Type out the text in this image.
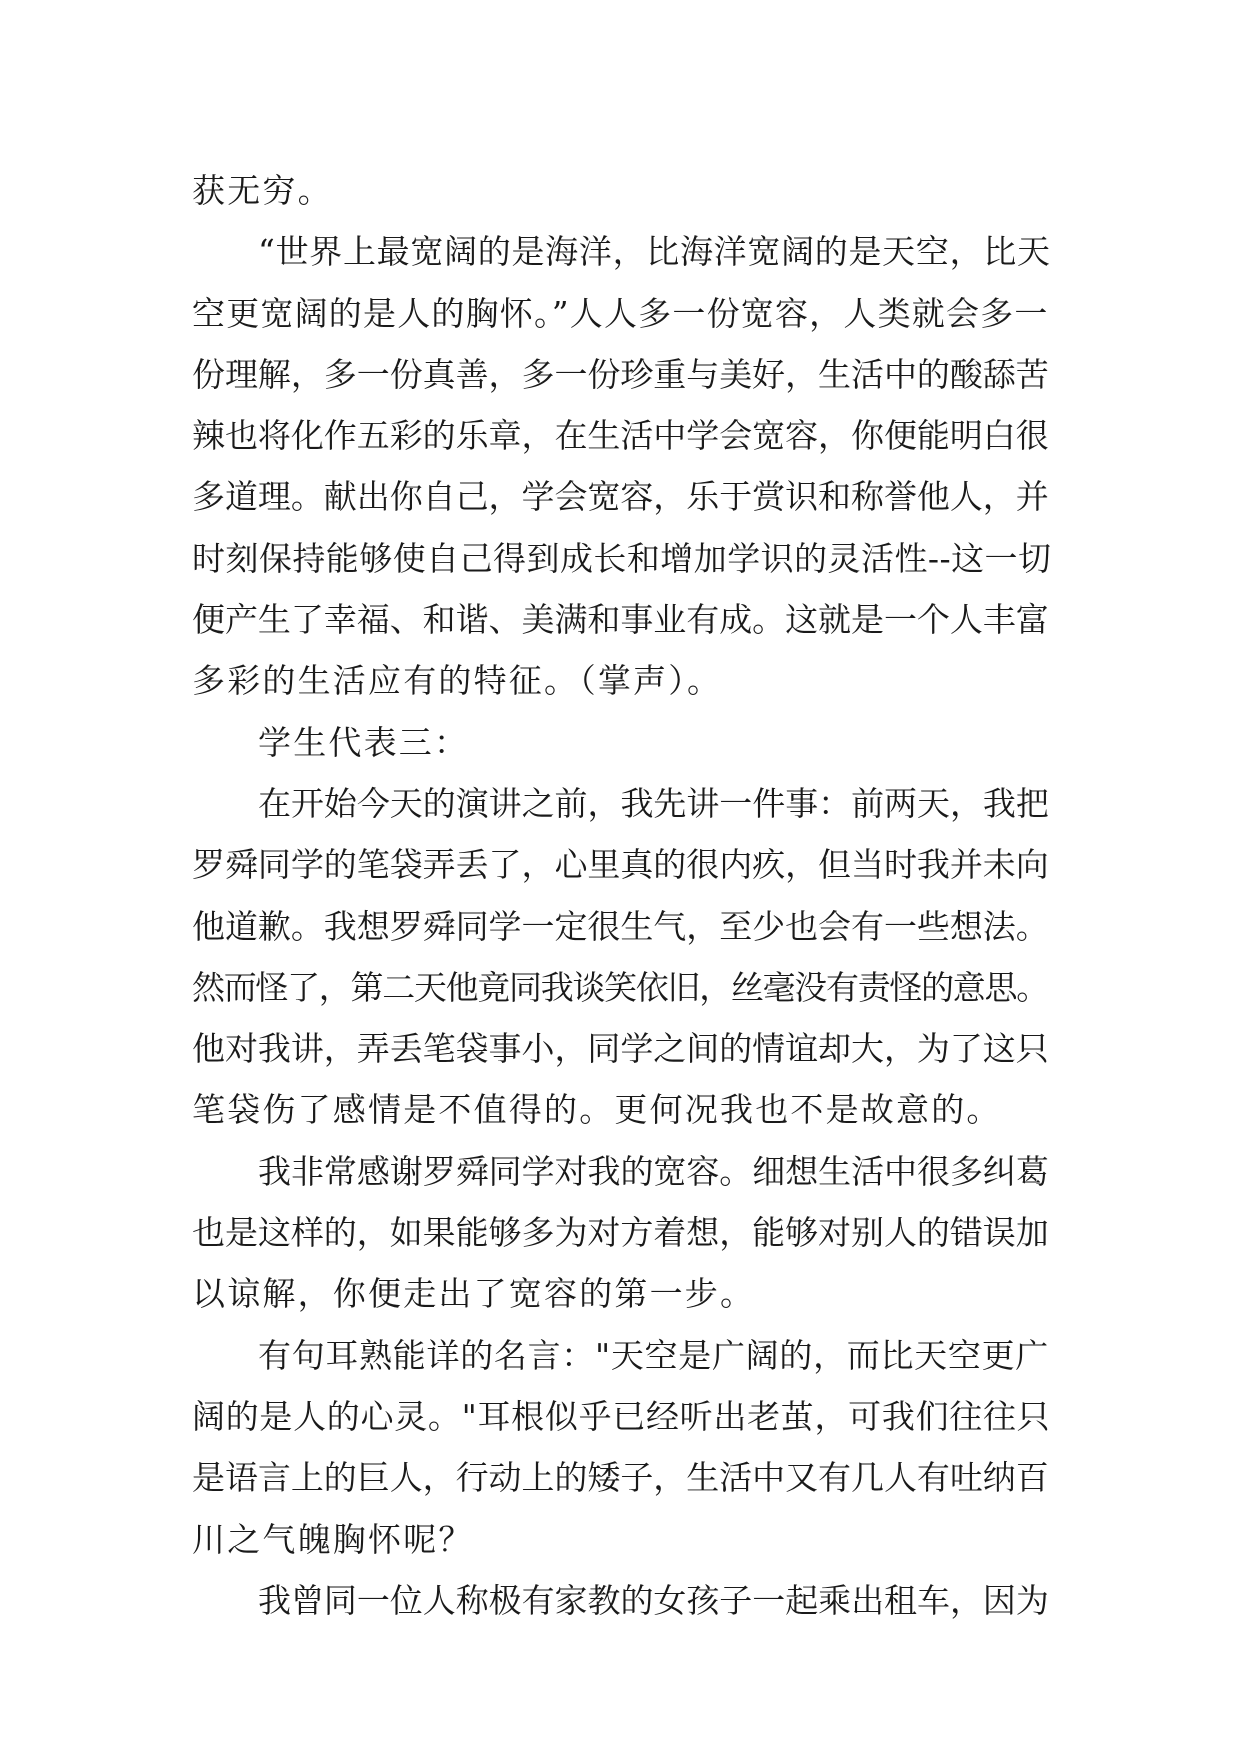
获无穷。
“世界上最宽阔的是海洋，比海洋宽阔的是天空，比天
空更宽阔的是人的胸怀。”人人多一份宽容，人类就会多一
份理解，多一份真善，多一份珍重与美好，生活中的酸舔苦
辣也将化作五彩的乐章，在生活中学会宽容，你便能明白很
多道理。献出你自己，学会宽容，乐于赏识和称誉他人，并
时刻保持能够使自己得到成长和增加学识的灵活性--这一切
便产生了幸福、和谐、美满和事业有成。这就是一个人丰富
多彩的生活应有的特征。（掌声）。
学生代表三：
在开始今天的演讲之前，我先讲一件事：前两天，我把
罗舜同学的笔袋弄丢了，心里真的很内疚，但当时我并未向
他道歉。我想罗舜同学一定很生气，至少也会有一些想法。
然而怪了，第二天他竟同我谈笑依旧，丝毫没有责怪的意思。
他对我讲，弄丢笔袋事小，同学之间的情谊却大，为了这只
笔袋伤了感情是不值得的。更何况我也不是故意的。
我非常感谢罗舜同学对我的宽容。细想生活中很多纠葛
也是这样的，如果能够多为对方着想，能够对别人的错误加
以谅解，你便走出了宽容的第一步。
有句耳熟能详的名言："天空是广阔的，而比天空更广
阔的是人的心灵。"耳根似乎已经听出老茧，可我们往往只
是语言上的巨人，行动上的矮子，生活中又有几人有吐纳百
川之气魄胸怀呢？
我曾同一位人称极有家教的女孩子一起乘出租车，因为
